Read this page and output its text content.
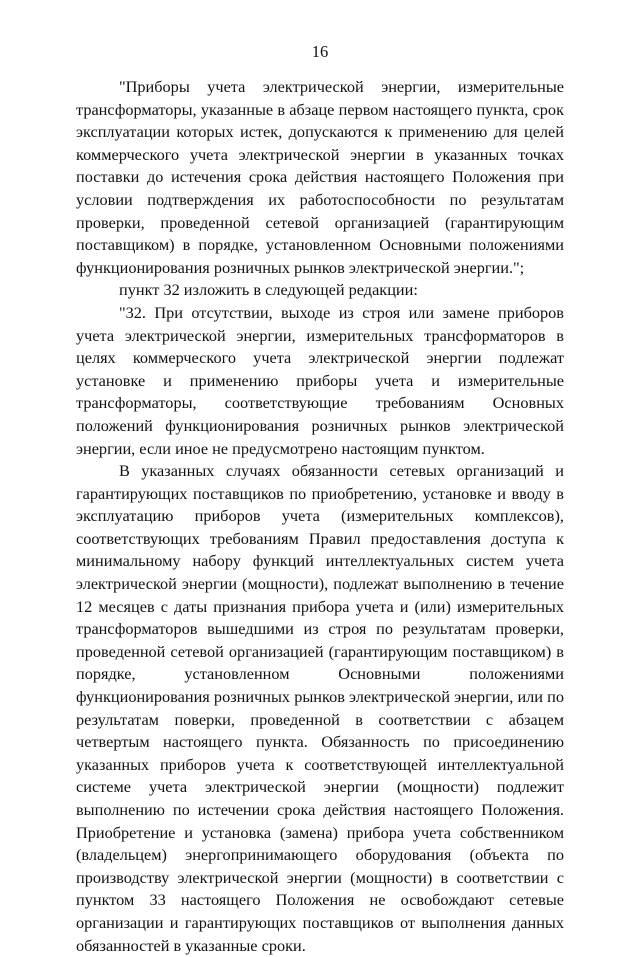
16

"Приборы учета электрической энергии, измерительные трансформаторы, указанные в абзаце первом настоящего пункта, срок эксплуатации которых истек, допускаются к применению для целей коммерческого учета электрической энергии в указанных точках поставки до истечения срока действия настоящего Положения при условии подтверждения их работоспособности по результатам проверки, проведенной сетевой организацией (гарантирующим поставщиком) в порядке, установленном Основными положениями функционирования розничных рынков электрической энергии.";

пункт 32 изложить в следующей редакции:

"32. При отсутствии, выходе из строя или замене приборов учета электрической энергии, измерительных трансформаторов в целях коммерческого учета электрической энергии подлежат установке и применению приборы учета и измерительные трансформаторы, соответствующие требованиям Основных положений функционирования розничных рынков электрической энергии, если иное не предусмотрено настоящим пунктом.

В указанных случаях обязанности сетевых организаций и гарантирующих поставщиков по приобретению, установке и вводу в эксплуатацию приборов учета (измерительных комплексов), соответствующих требованиям Правил предоставления доступа к минимальному набору функций интеллектуальных систем учета электрической энергии (мощности), подлежат выполнению в течение 12 месяцев с даты признания прибора учета и (или) измерительных трансформаторов вышедшими из строя по результатам проверки, проведенной сетевой организацией (гарантирующим поставщиком) в порядке, установленном Основными положениями функционирования розничных рынков электрической энергии, или по результатам поверки, проведенной в соответствии с абзацем четвертым настоящего пункта. Обязанность по присоединению указанных приборов учета к соответствующей интеллектуальной системе учета электрической энергии (мощности) подлежит выполнению по истечении срока действия настоящего Положения. Приобретение и установка (замена) прибора учета собственником (владельцем) энергопринимающего оборудования (объекта по производству электрической энергии (мощности) в соответствии с пунктом 33 настоящего Положения не освобождают сетевые организации и гарантирующих поставщиков от выполнения данных обязанностей в указанные сроки.
